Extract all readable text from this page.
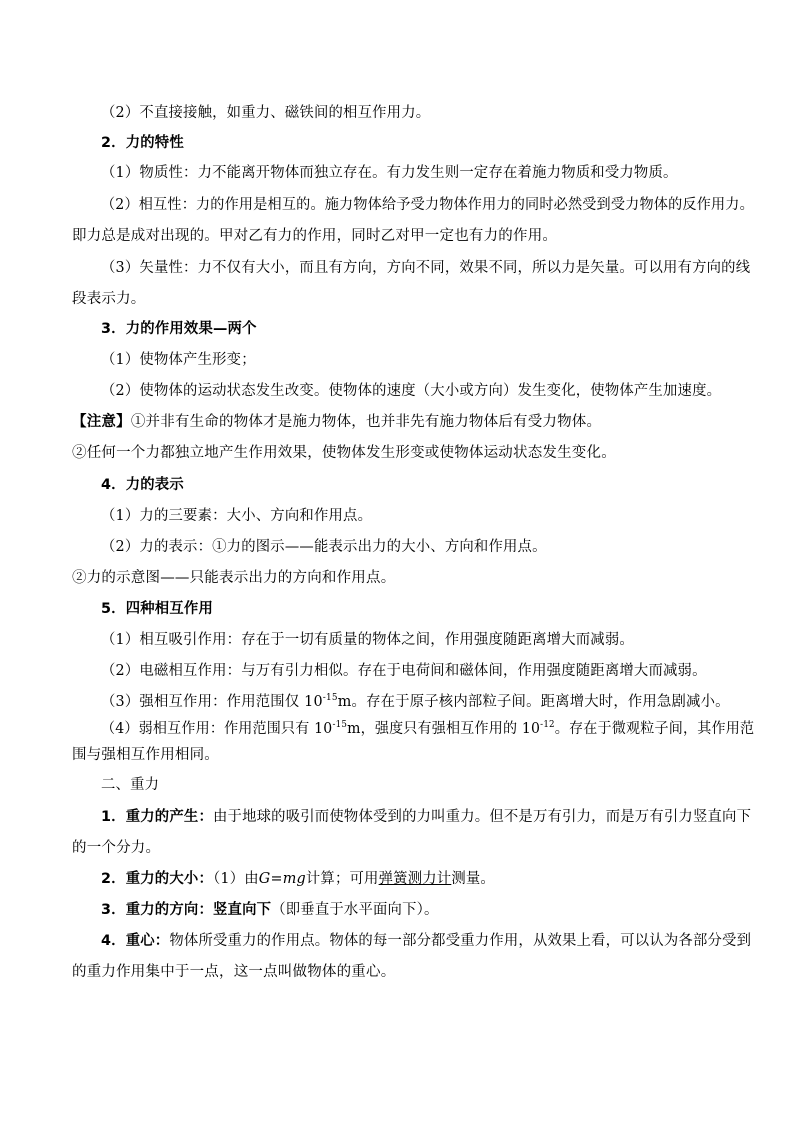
（2）不直接接触，如重力、磁铁间的相互作用力。
2．力的特性
（1）物质性：力不能离开物体而独立存在。有力发生则一定存在着施力物质和受力物质。
（2）相互性：力的作用是相互的。施力物体给予受力物体作用力的同时必然受到受力物体的反作用力。
即力总是成对出现的。甲对乙有力的作用，同时乙对甲一定也有力的作用。
（3）矢量性：力不仅有大小，而且有方向，方向不同，效果不同，所以力是矢量。可以用有方向的线
段表示力。
3．力的作用效果—两个
（1）使物体产生形变；
（2）使物体的运动状态发生改变。使物体的速度（大小或方向）发生变化，使物体产生加速度。
【注意】①并非有生命的物体才是施力物体，也并非先有施力物体后有受力物体。
②任何一个力都独立地产生作用效果，使物体发生形变或使物体运动状态发生变化。
4．力的表示
（1）力的三要素：大小、方向和作用点。
（2）力的表示：①力的图示——能表示出力的大小、方向和作用点。
②力的示意图——只能表示出力的方向和作用点。
5．四种相互作用
（1）相互吸引作用：存在于一切有质量的物体之间，作用强度随距离增大而减弱。
（2）电磁相互作用：与万有引力相似。存在于电荷间和磁体间，作用强度随距离增大而减弱。
（3）强相互作用：作用范围仅 $10^{-15}m$。存在于原子核内部粒子间。距离增大时，作用急剧减小。
（4）弱相互作用：作用范围只有 $10^{-15}m$，强度只有强相互作用的 $10^{-12}$。存在于微观粒子间，其作用范
围与强相互作用相同。
二、重力
1．重力的产生：由于地球的吸引而使物体受到的力叫重力。但不是万有引力，而是万有引力竖直向下
的一个分力。
2．重力的大小：（1）由G=mg计算；可用弹簧测力计测量。
3．重力的方向：竖直向下（即垂直于水平面向下）。
4．重心：物体所受重力的作用点。物体的每一部分都受重力作用，从效果上看，可以认为各部分受到
的重力作用集中于一点，这一点叫做物体的重心。
